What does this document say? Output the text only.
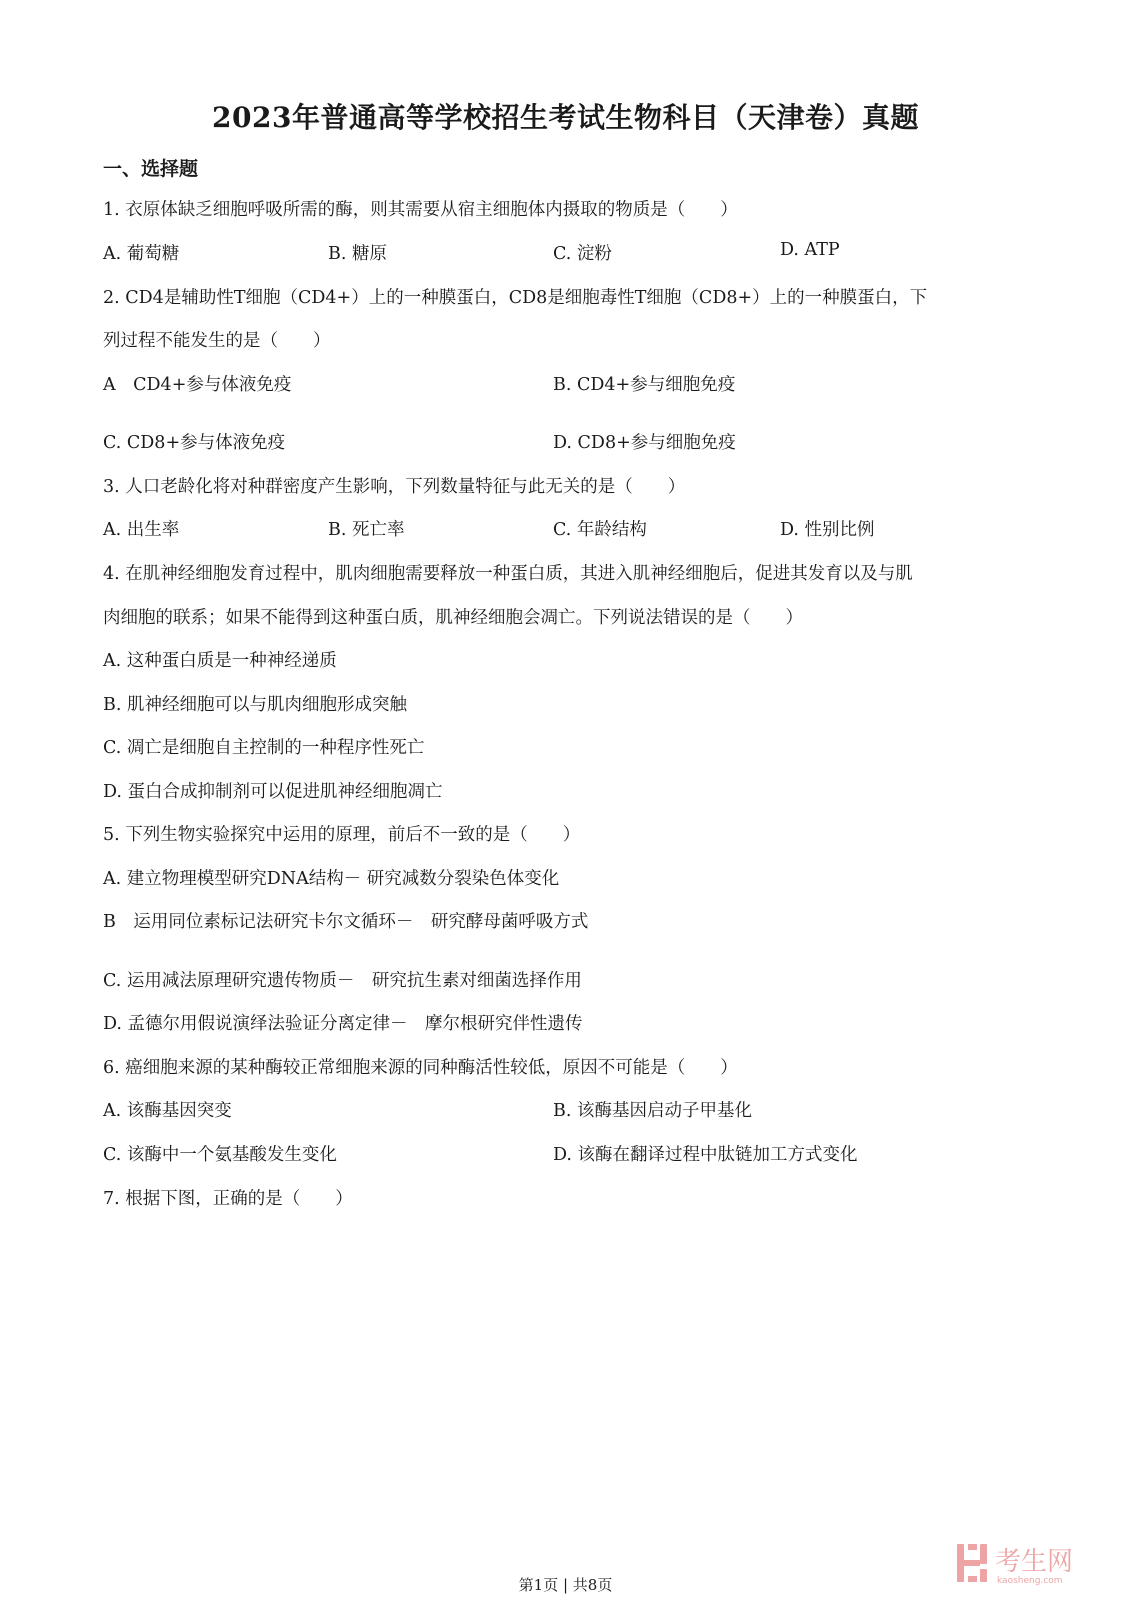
2023年普通高等学校招生考试生物科目（天津卷）真题
一、选择题
1. 衣原体缺乏细胞呼吸所需的酶，则其需要从宿主细胞体内摄取的物质是（　　）
A. 葡萄糖	B. 糖原	C. 淀粉	D. ATP
2. CD4是辅助性T细胞（CD4+）上的一种膜蛋白，CD8是细胞毒性T细胞（CD8+）上的一种膜蛋白，下
列过程不能发生的是（　　）
A　CD4+参与体液免疫	B. CD4+参与细胞免疫
C. CD8+参与体液免疫	D. CD8+参与细胞免疫
3. 人口老龄化将对种群密度产生影响，下列数量特征与此无关的是（　　）
A. 出生率	B. 死亡率	C. 年龄结构	D. 性别比例
4. 在肌神经细胞发育过程中，肌肉细胞需要释放一种蛋白质，其进入肌神经细胞后，促进其发育以及与肌
肉细胞的联系；如果不能得到这种蛋白质，肌神经细胞会凋亡。下列说法错误的是（　　）
A. 这种蛋白质是一种神经递质
B. 肌神经细胞可以与肌肉细胞形成突触
C. 凋亡是细胞自主控制的一种程序性死亡
D. 蛋白合成抑制剂可以促进肌神经细胞凋亡
5. 下列生物实验探究中运用的原理，前后不一致的是（　　）
A. 建立物理模型研究DNA结构－ 研究减数分裂染色体变化
B　运用同位素标记法研究卡尔文循环－　研究酵母菌呼吸方式
C. 运用减法原理研究遗传物质－　研究抗生素对细菌选择作用
D. 孟德尔用假说演绎法验证分离定律－　摩尔根研究伴性遗传
6. 癌细胞来源的某种酶较正常细胞来源的同种酶活性较低，原因不可能是（　　）
A. 该酶基因突变	B. 该酶基因启动子甲基化
C. 该酶中一个氨基酸发生变化	D. 该酶在翻译过程中肽链加工方式变化
7. 根据下图，正确的是（　　）
第1页 | 共8页
考生网
kaosheng.com
